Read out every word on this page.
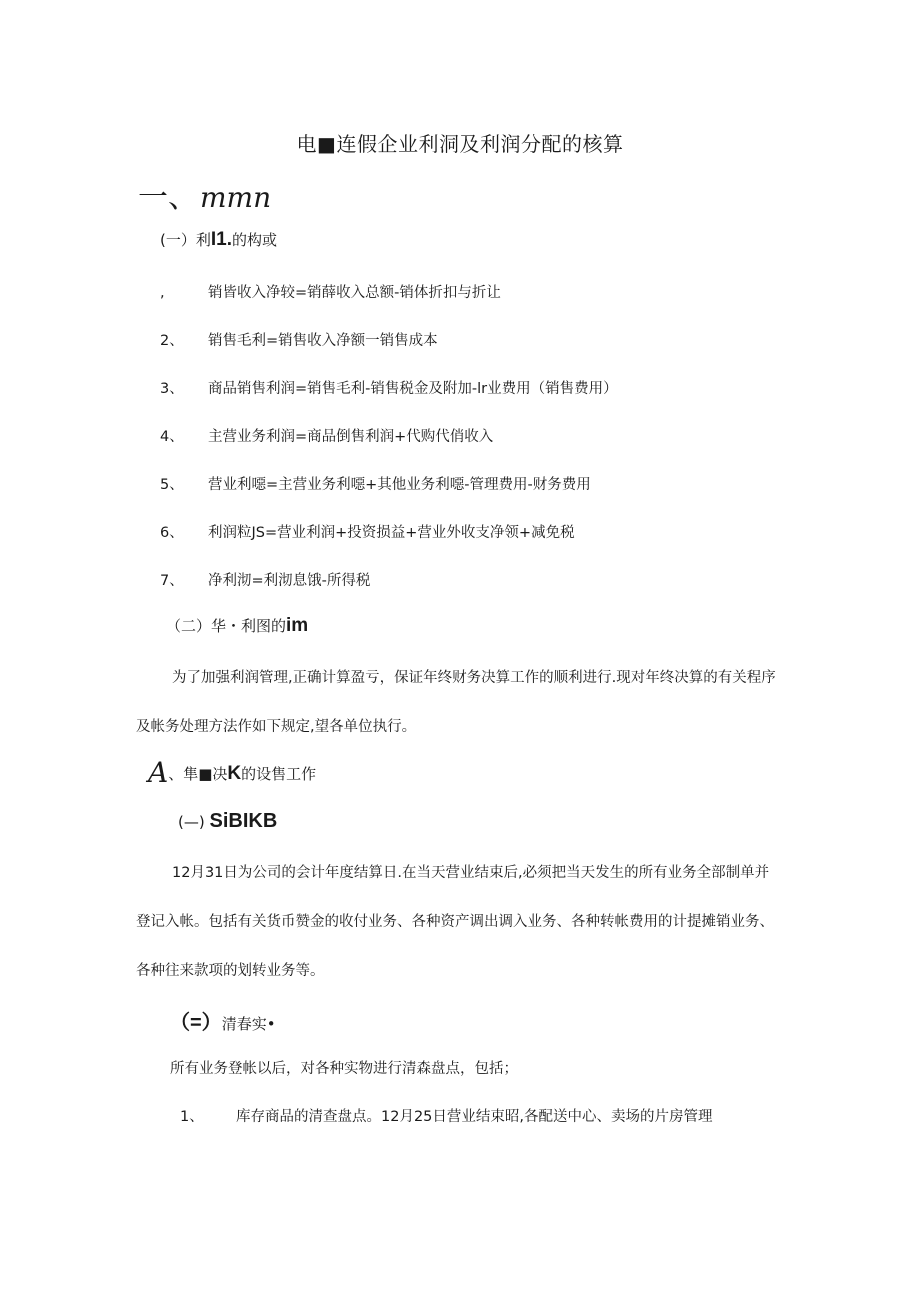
电■连假企业利洞及利润分配的核算
一、mmn
(一）利I1.的构或
,	销皆收入净较=销薛收入总额-销体折扣与折让
2、 销售毛利=销售收入净额一销售成本
3、 商品销售利润=销售毛利-销售税金及附加-lr业费用（销售费用）
4、 主营业务利润=商品倒售利润+代购代俏收入
5、 营业利噁=主营业务利噁+其他业务利噁-管理费用-财务费用
6、 利润粒JS=营业利润+投资损益+营业外收支净领+减免税
7、 净利沏=利沏息饿-所得税
（二）华・利图的im
为了加强利润管理,正确计算盈亏，保证年终财务决算工作的顺利进行.现对年终决算的有关程序
及帐务处理方法作如下规定,望各单位执行。
A、隼■决K的设售工作
(—) SiBIKB
12月31日为公司的会计年度结算日.在当天营业结束后,必须把当天发生的所有业务全部制单并
登记入帐。包括有关货币赞金的收付业务、各种资产调出调入业务、各种转帐费用的计提摊销业务、
各种往来款项的划转业务等。
（=）清春实•
所有业务登帐以后，对各种实物进行清森盘点，包括；
1、 库存商品的清查盘点。12月25日营业结束昭,各配送中心、卖场的片房管理
